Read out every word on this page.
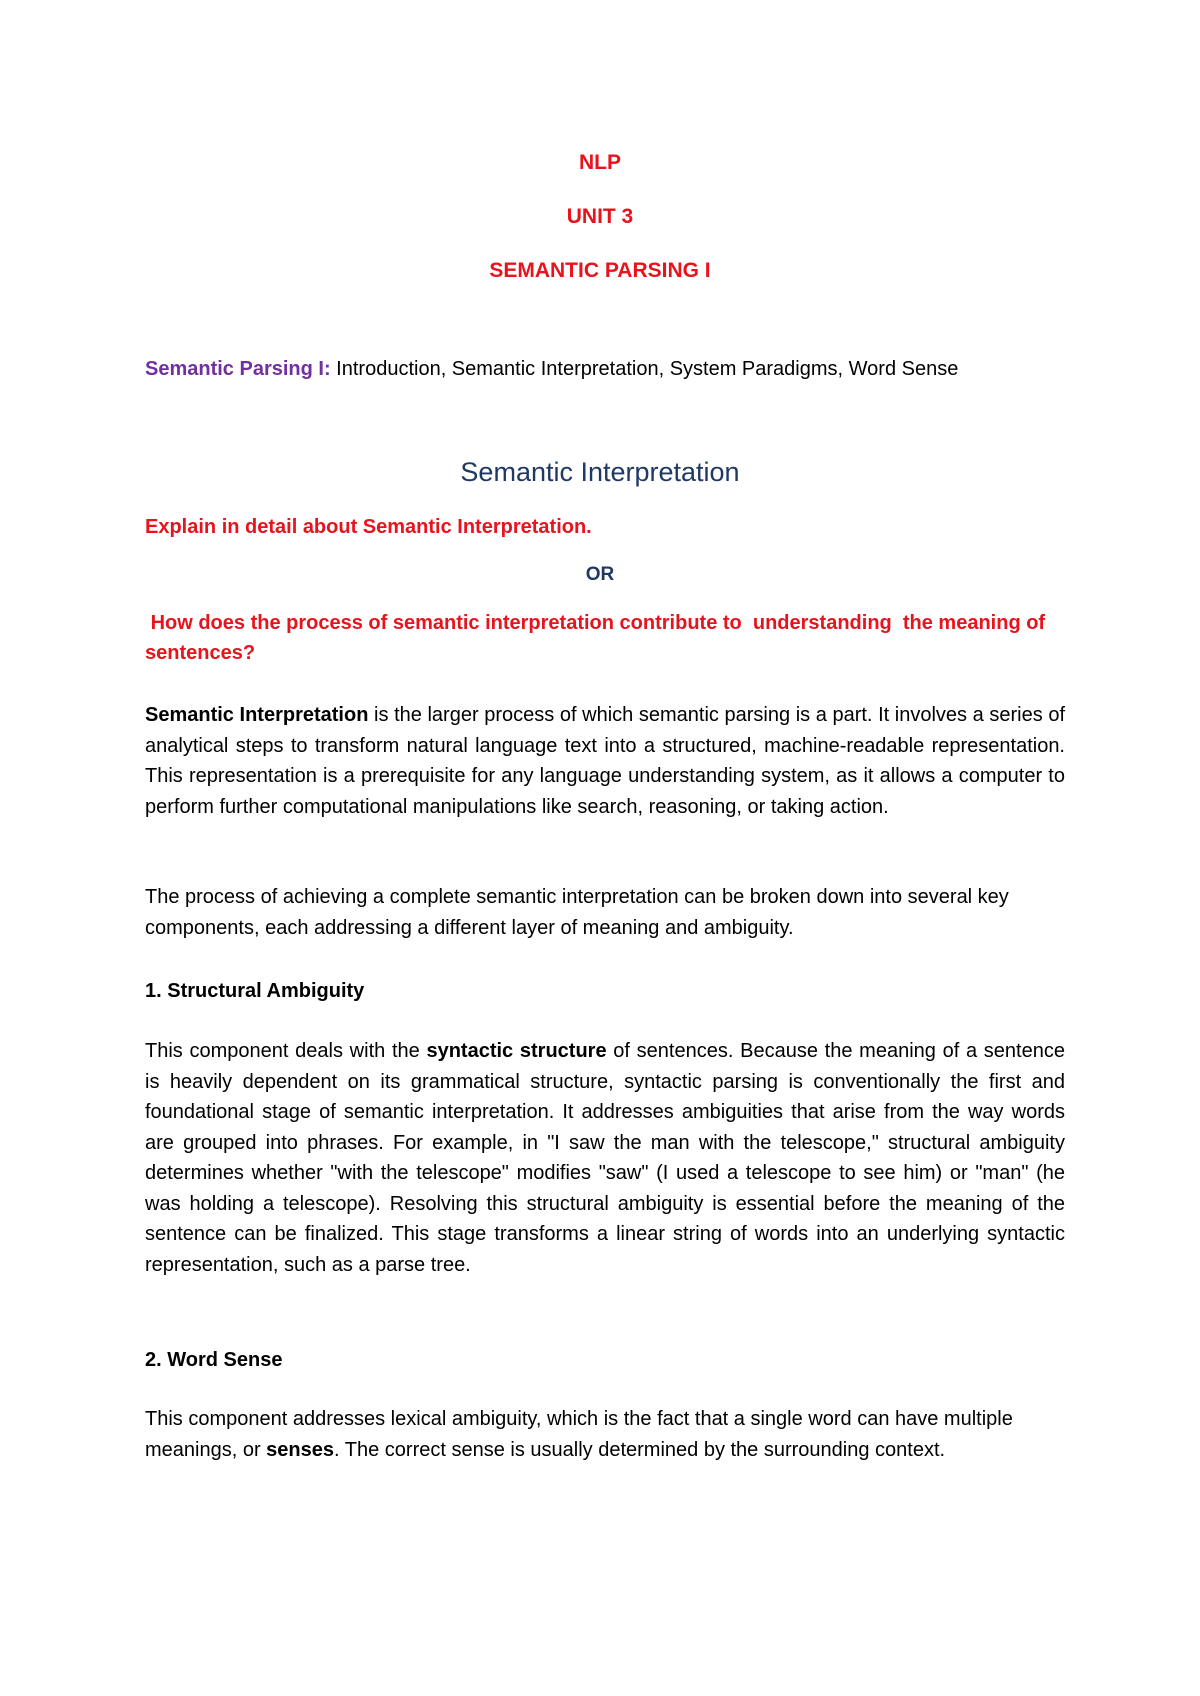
NLP

UNIT 3

SEMANTIC PARSING I

Semantic Parsing I: Introduction, Semantic Interpretation, System Paradigms, Word Sense

Semantic Interpretation

Explain in detail about Semantic Interpretation.

OR

How does the process of semantic interpretation contribute to  understanding  the meaning of  sentences?

Semantic Interpretation is the larger process of which semantic parsing is a part. It involves a series of analytical steps to transform natural language text into a structured, machine-readable representation. This representation is a prerequisite for any language understanding system, as it allows a computer to perform further computational manipulations like search, reasoning, or taking action.

The process of achieving a complete semantic interpretation can be broken down into several key components, each addressing a different layer of meaning and ambiguity.

1. Structural Ambiguity

This component deals with the syntactic structure of sentences. Because the meaning of a sentence is heavily dependent on its grammatical structure, syntactic parsing is conventionally the first and foundational stage of semantic interpretation. It addresses ambiguities that arise from the way words are grouped into phrases. For example, in "I saw the man with the telescope," structural ambiguity determines whether "with the telescope" modifies "saw" (I used a telescope to see him) or "man" (he was holding a telescope). Resolving this structural ambiguity is essential before the meaning of the sentence can be finalized. This stage transforms a linear string of words into an underlying syntactic representation, such as a parse tree.

2. Word Sense

This component addresses lexical ambiguity, which is the fact that a single word can have multiple meanings, or senses. The correct sense is usually determined by the surrounding context.
